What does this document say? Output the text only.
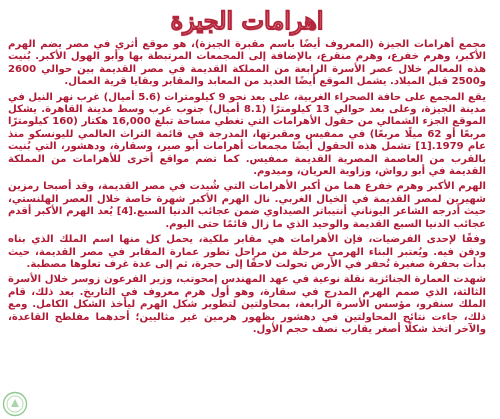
اهرامات الجيزة

مجمع أهرامات الجيزة (المعروف أيضًا باسم مقبرة الجيزة)، هو موقع أثري في مصر يضم الهرم الأكبر، وهرم خفرع، وهرم منقرع، بالإضافة إلى المجمعات المرتبطة بها وأبو الهول الأكبر. بُنيت هذه المعالم خلال عصر الأسرة الرابعة من المملكة القديمة في مصر القديمة بين حوالي 2600 و2500 قبل الميلاد. يشمل الموقع أيضًا العديد من المعابد والمقابر وبقايا قرية العمال.

يقع المجمع على حافة الصحراء الغربية، على بعد نحو 9 كيلومترات (5.6 أميال) غرب نهر النيل في مدينة الجيزة، وعلى بعد حوالي 13 كيلومترًا (8.1 أميال) جنوب غرب وسط مدينة القاهرة. يشكل الموقع الجزء الشمالي من حقول الأهرامات التي تغطي مساحة تبلغ 16,000 هكتار (160 كيلومترًا مربعًا أو 62 ميلًا مربعًا) في ممفيس ومقبرتها، المدرجة في قائمة التراث العالمي لليونسكو منذ عام 1979.[1] تشمل هذه الحقول أيضًا مجمعات أهرامات أبو صير، وسقارة، ودهشور، التي بُنيت بالقرب من العاصمة المصرية القديمة ممفيس. كما تضم مواقع أخرى للأهرامات من المملكة القديمة في أبو رواش، وزاوية العريان، وميدوم.

الهرم الأكبر وهرم خفرع هما من أكبر الأهرامات التي شُيدت في مصر القديمة، وقد أصبحا رمزين شهيرين لمصر القديمة في الخيال الغربي. نال الهرم الأكبر شهرة خاصة خلال العصر الهلنستي، حيث أدرجه الشاعر اليوناني أنتيباتر الصيداوي ضمن عجائب الدنيا السبع.[4] يُعد الهرم الأكبر أقدم عجائب الدنيا السبع القديمة والوحيد الذي ما زال قائمًا حتى اليوم.

وفقًا لإحدى الفرضيات، فإن الأهرامات هي مقابر ملكية، يحمل كل منها اسم الملك الذي بناه ودفن فيه. ويُعتبر البناء الهرمي مرحلة من مراحل تطور عمارة المقابر في مصر القديمة، حيث بدأت بحفرة صغيرة تُحفر في الأرض تحولت لاحقًا إلى حجرة، ثم إلى عدة غرف تعلوها مصطبة.

شهدت العمارة الجنائزية نقلة نوعية في عهد المهندس إمحوتب، وزير الفرعون زوسر خلال الأسرة الثالثة، الذي صمم الهرم المدرج في سقارة، وهو أول هرم معروف في التاريخ. بعد ذلك، قام الملك سنفرو، مؤسس الأسرة الرابعة، بمحاولتين لتطوير شكل الهرم ليأخذ الشكل الكامل. ومع ذلك، جاءت نتائج المحاولتين في دهشور بظهور هرمين غير مثاليين؛ أحدهما مفلطح القاعدة، والآخر اتخذ شكلًا أصغر يقارب نصف حجم الأول.
